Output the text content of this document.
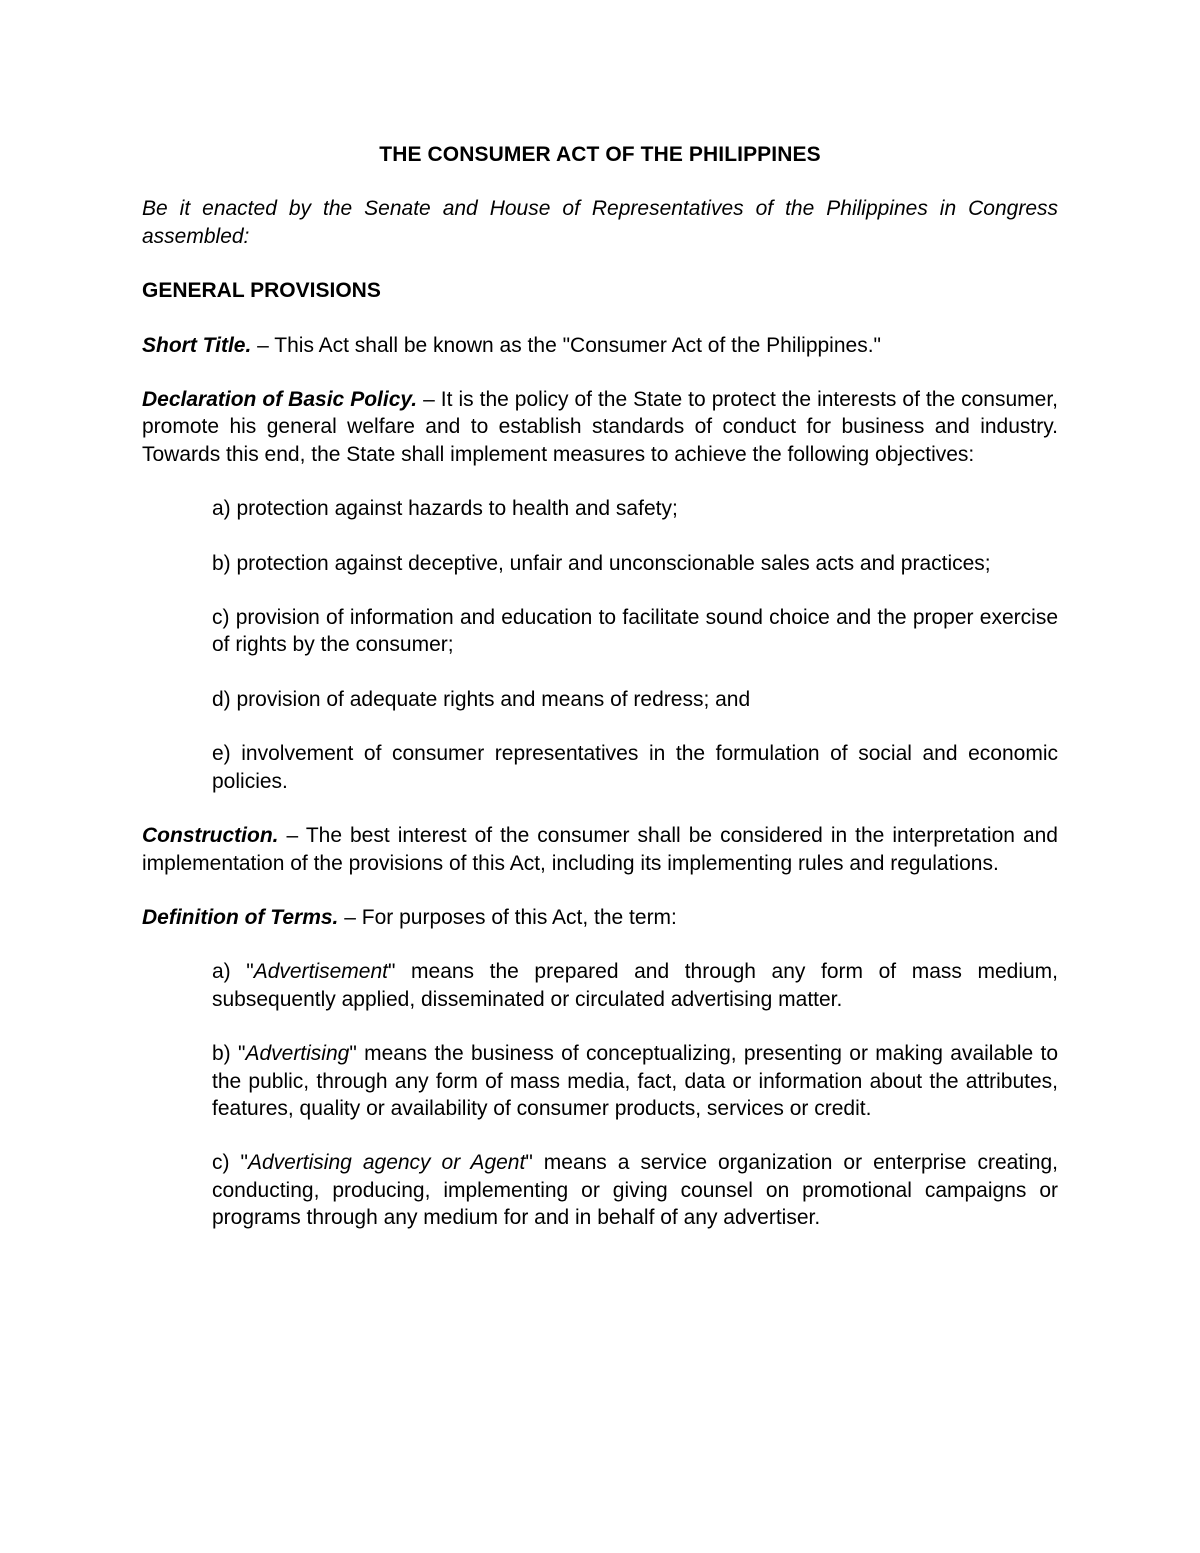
THE CONSUMER ACT OF THE PHILIPPINES
Be it enacted by the Senate and House of Representatives of the Philippines in Congress assembled:
GENERAL PROVISIONS
Short Title. – This Act shall be known as the "Consumer Act of the Philippines."
Declaration of Basic Policy. – It is the policy of the State to protect the interests of the consumer, promote his general welfare and to establish standards of conduct for business and industry. Towards this end, the State shall implement measures to achieve the following objectives:
a) protection against hazards to health and safety;
b) protection against deceptive, unfair and unconscionable sales acts and practices;
c) provision of information and education to facilitate sound choice and the proper exercise of rights by the consumer;
d) provision of adequate rights and means of redress; and
e) involvement of consumer representatives in the formulation of social and economic policies.
Construction. – The best interest of the consumer shall be considered in the interpretation and implementation of the provisions of this Act, including its implementing rules and regulations.
Definition of Terms. – For purposes of this Act, the term:
a) "Advertisement" means the prepared and through any form of mass medium, subsequently applied, disseminated or circulated advertising matter.
b) "Advertising" means the business of conceptualizing, presenting or making available to the public, through any form of mass media, fact, data or information about the attributes, features, quality or availability of consumer products, services or credit.
c) "Advertising agency or Agent" means a service organization or enterprise creating, conducting, producing, implementing or giving counsel on promotional campaigns or programs through any medium for and in behalf of any advertiser.
